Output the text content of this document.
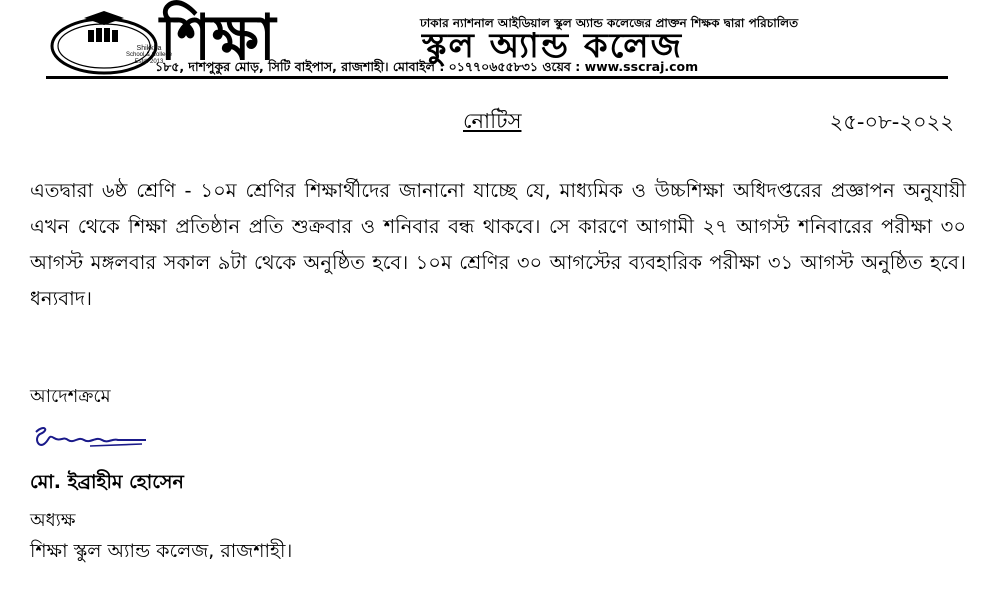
Shikkha
School & College
Estd. 2013
শিক্ষা	ঢাকার ন্যাশনাল আইডিয়াল স্কুল অ্যান্ড কলেজের প্রাক্তন শিক্ষক দ্বারা পরিচালিত
স্কুল অ্যান্ড কলেজ
১৮৫, দাশপুকুর মোড়, সিটি বাইপাস, রাজশাহী। মোবাইল : ০১৭৭০৬৫৫৮৩১ ওয়েব : www.sscraj.com
নোটিস	২৫-০৮-২০২২
এতদ্বারা ৬ষ্ঠ শ্রেণি - ১০ম শ্রেণির শিক্ষার্থীদের জানানো যাচ্ছে যে, মাধ্যমিক ও উচ্চশিক্ষা অধিদপ্তরের প্রজ্ঞাপন অনুযায়ী এখন থেকে শিক্ষা প্রতিষ্ঠান প্রতি শুক্রবার ও শনিবার বন্ধ থাকবে। সে কারণে আগামী ২৭ আগস্ট শনিবারের পরীক্ষা ৩০ আগস্ট মঙ্গলবার সকাল ৯টা থেকে অনুষ্ঠিত হবে। ১০ম শ্রেণির ৩০ আগস্টের ব্যবহারিক পরীক্ষা ৩১ আগস্ট অনুষ্ঠিত হবে। ধন্যবাদ।
আদেশক্রমে
মো. ইব্রাহীম হোসেন
অধ্যক্ষ
শিক্ষা স্কুল অ্যান্ড কলেজ, রাজশাহী।
